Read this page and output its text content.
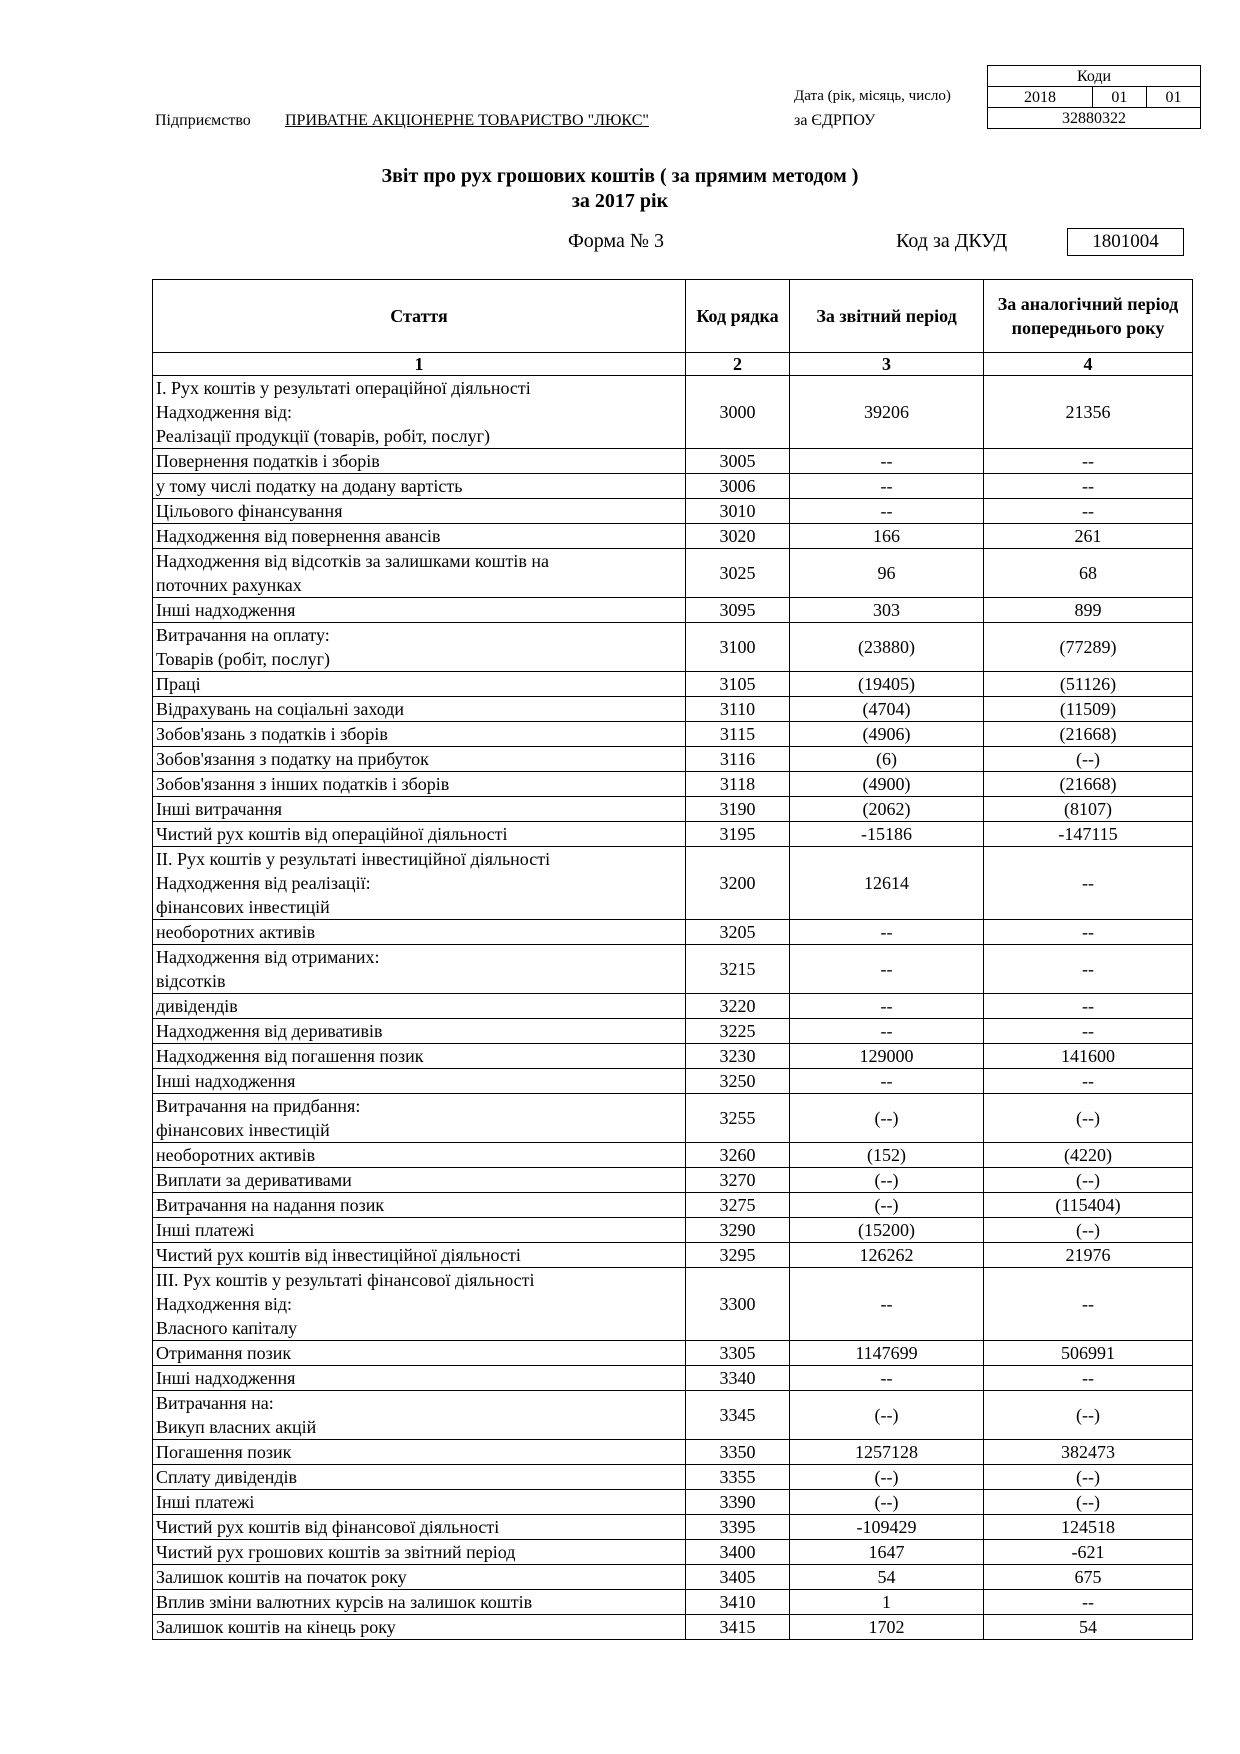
Коди
2018	01	01
32880322
Дата (рік, місяць, число)
за ЄДРПОУ
Підприємство ПРИВАТНЕ АКЦІОНЕРНЕ ТОВАРИСТВО "ЛЮКС"
Звіт про рух грошових коштів ( за прямим методом )
за 2017 рік
Форма № 3	Код за ДКУД	1801004
Стаття	Код рядка	За звітний період	За аналогічний період попереднього року
1	2	3	4
І. Рух коштів у результаті операційної діяльності
Надходження від:
Реалізації продукції (товарів, робіт, послуг)	3000	39206	21356
Повернення податків і зборів	3005	--	--
у тому числі податку на додану вартість	3006	--	--
Цільового фінансування	3010	--	--
Надходження від повернення авансів	3020	166	261
Надходження від відсотків за залишками коштів на
поточних рахунках	3025	96	68
Інші надходження	3095	303	899
Витрачання на оплату:
Товарів (робіт, послуг)	3100	(23880)	(77289)
Праці	3105	(19405)	(51126)
Відрахувань на соціальні заходи	3110	(4704)	(11509)
Зобов'язань з податків і зборів	3115	(4906)	(21668)
Зобов'язання з податку на прибуток	3116	(6)	(--)
Зобов'язання з інших податків і зборів	3118	(4900)	(21668)
Інші витрачання	3190	(2062)	(8107)
Чистий рух коштів від операційної діяльності	3195	-15186	-147115
ІІ. Рух коштів у результаті інвестиційної діяльності
Надходження від реалізації:
фінансових інвестицій	3200	12614	--
необоротних активів	3205	--	--
Надходження від отриманих:
відсотків	3215	--	--
дивідендів	3220	--	--
Надходження від деривативів	3225	--	--
Надходження від погашення позик	3230	129000	141600
Інші надходження	3250	--	--
Витрачання на придбання:
фінансових інвестицій	3255	(--)	(--)
необоротних активів	3260	(152)	(4220)
Виплати за деривативами	3270	(--)	(--)
Витрачання на надання позик	3275	(--)	(115404)
Інші платежі	3290	(15200)	(--)
Чистий рух коштів від інвестиційної діяльності	3295	126262	21976
ІІІ. Рух коштів у результаті фінансової діяльності
Надходження від:
Власного капіталу	3300	--	--
Отримання позик	3305	1147699	506991
Інші надходження	3340	--	--
Витрачання на:
Викуп власних акцій	3345	(--)	(--)
Погашення позик	3350	1257128	382473
Сплату дивідендів	3355	(--)	(--)
Інші платежі	3390	(--)	(--)
Чистий рух коштів від фінансової діяльності	3395	-109429	124518
Чистий рух грошових коштів за звітний період	3400	1647	-621
Залишок коштів на початок року	3405	54	675
Вплив зміни валютних курсів на залишок коштів	3410	1	--
Залишок коштів на кінець року	3415	1702	54
